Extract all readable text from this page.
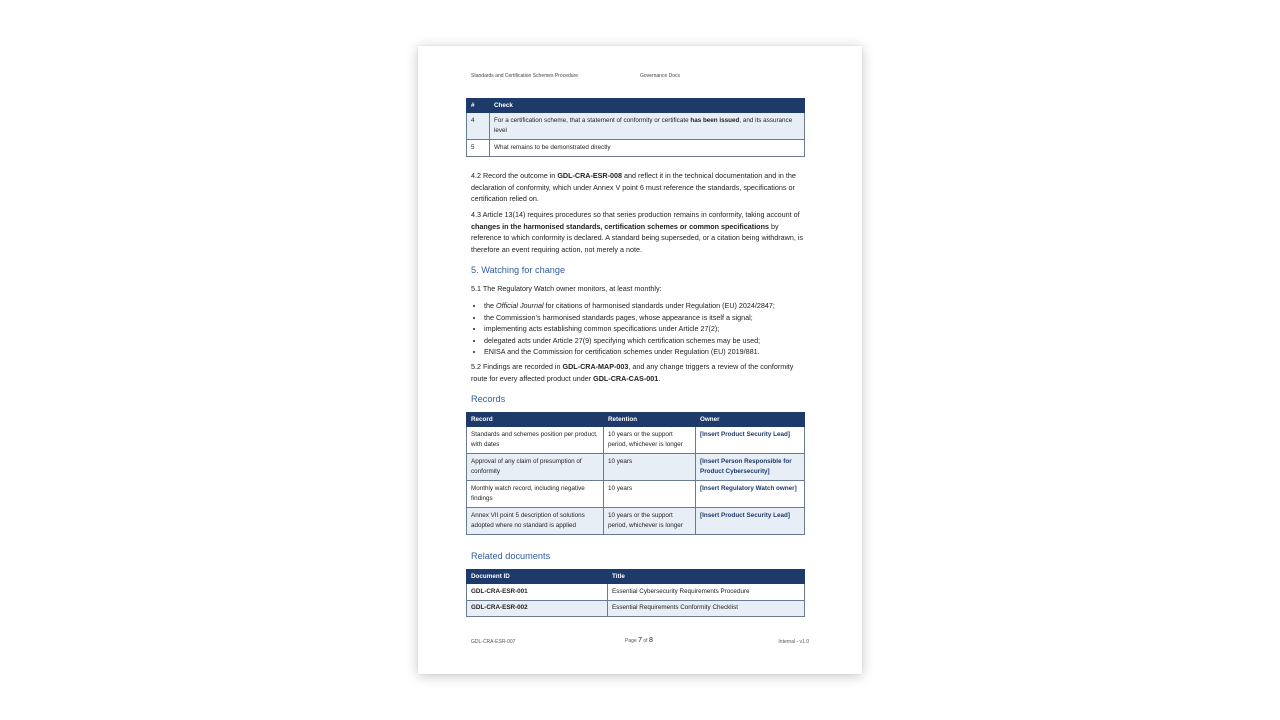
Standards and Certification Schemes Procedure	Governance Docs
#	Check
4	For a certification scheme, that a statement of conformity or certificate has been issued, and its assurance level
5	What remains to be demonstrated directly
4.2 Record the outcome in GDL-CRA-ESR-008 and reflect it in the technical documentation and in the declaration of conformity, which under Annex V point 6 must reference the standards, specifications or certification relied on.
4.3 Article 13(14) requires procedures so that series production remains in conformity, taking account of changes in the harmonised standards, certification schemes or common specifications by reference to which conformity is declared. A standard being superseded, or a citation being withdrawn, is therefore an event requiring action, not merely a note.
5. Watching for change
5.1 The Regulatory Watch owner monitors, at least monthly:
• the Official Journal for citations of harmonised standards under Regulation (EU) 2024/2847;
• the Commission’s harmonised standards pages, whose appearance is itself a signal;
• implementing acts establishing common specifications under Article 27(2);
• delegated acts under Article 27(9) specifying which certification schemes may be used;
• ENISA and the Commission for certification schemes under Regulation (EU) 2019/881.
5.2 Findings are recorded in GDL-CRA-MAP-003, and any change triggers a review of the conformity route for every affected product under GDL-CRA-CAS-001.
Records
Record	Retention	Owner
Standards and schemes position per product, with dates	10 years or the support period, whichever is longer	[Insert Product Security Lead]
Approval of any claim of presumption of conformity	10 years	[Insert Person Responsible for Product Cybersecurity]
Monthly watch record, including negative findings	10 years	[Insert Regulatory Watch owner]
Annex VII point 5 description of solutions adopted where no standard is applied	10 years or the support period, whichever is longer	[Insert Product Security Lead]
Related documents
Document ID	Title
GDL-CRA-ESR-001	Essential Cybersecurity Requirements Procedure
GDL-CRA-ESR-002	Essential Requirements Conformity Checklist
GDL-CRA-ESR-007	Page 7 of 8	Internal - v1.0
